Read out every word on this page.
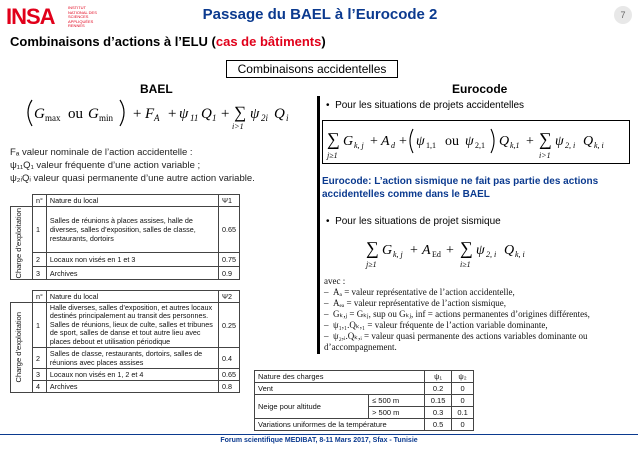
INSA	INSTITUT NATIONAL DES SCIENCES APPLIQUÉES RENNES
Passage du BAEL à l’Eurocode 2	7
Combinaisons d’actions à l’ELU (cas de bâtiments)
Combinaisons accidentelles
BAEL
G max ou G min + F A + ψ 11 Q 1 + ∑
i>1
ψ 2i Q i
Fₐ valeur nominale de l’action accidentelle :
ψ₁₁Q₁ valeur fréquente d’une action variable ;
ψ₂ᵢQᵢ valeur quasi permanente d’une autre action variable.
	n°	Nature du local	Ψ1

Charge d’exploitation	1	Salles de réunions à places assises, halle de diverses, salles d’exposition, salles de classe, restaurants, dortoirs	0.65
	2	Locaux non visés en 1 et 3	0.75
	3	Archives	0.9
	n°	Nature du local	Ψ2

Charge d’exploitation	1	Halle diverses, salles d’exposition, et autres locaux destinés principalement au transit des personnes. Salles de réunions, lieux de culte, salles et tribunes de sport, salles de danse et tout autre lieu avec places debout et utilisation périodique	0.25
	2	Salles de classe, restaurants, dortoirs, salles de réunions avec places assises	0.4
	3	Locaux non visés en 1, 2 et 4	0.65
	4	Archives	0.8
Eurocode
•  Pour les situations de projets accidentelles
∑
j≥1
G k, j + A d + ψ 1,1 ou ψ 2,1 Q k,1 + ∑
i>1
ψ 2, i Q k, i
Eurocode: L’action sismique ne fait pas partie des actions accidentelles comme dans le BAEL
•  Pour les situations de projet sismique
∑
j≥1
G k, j + A Ed + ∑
i≥1
ψ 2, i Q k, i
avec :
–  Aₐ = valeur représentative de l’action accidentelle,
–  Aₑₐ = valeur représentative de l’action sismique,
–  Gₖ,ⱼ = Gₖⱼ, sup ou Gₖⱼ, inf = actions permanentes d’origines différentes,
–  ψ₁,₁.Qₖ,₁ = valeur fréquente de l’action variable dominante,
–  ψ₂,ᵢ.Qₖ,ᵢ = valeur quasi permanente des actions variables dominante ou d’accompagnement.
Nature des charges		ψ₁	ψ₂
Vent		0.2	0
Neige pour altitude	≤ 500 m	0.15	0
	> 500 m	0.3	0.1
Variations uniformes de la température		0.5	0
Forum scientifique MEDIBAT, 8-11 Mars 2017, Sfax - Tunisie
